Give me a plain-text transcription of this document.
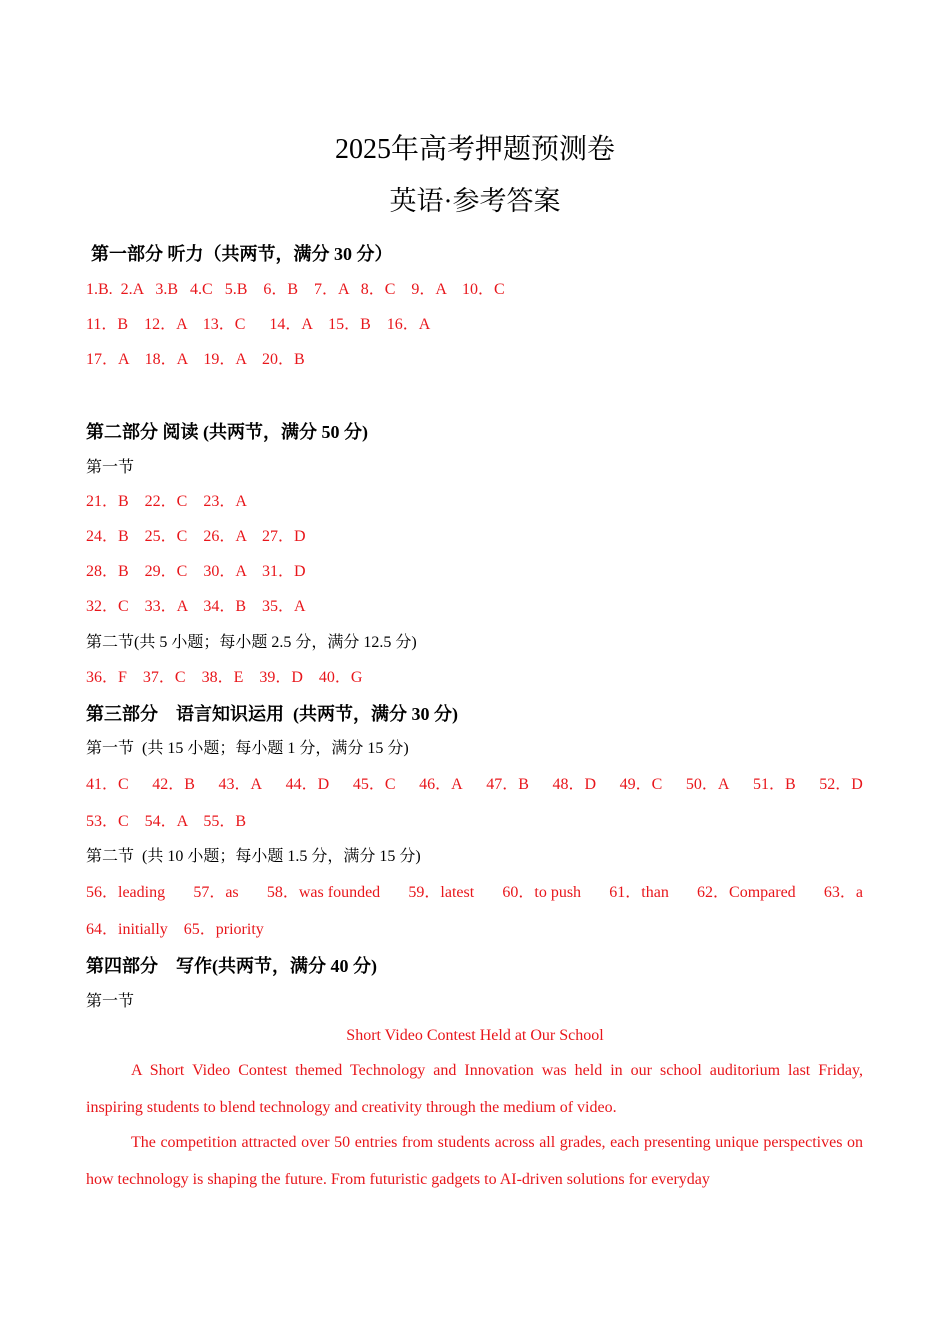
2025年高考押题预测卷
英语·参考答案
第一部分 听力（共两节，满分 30 分）
1.B.  2.A   3.B   4.C   5.B    6．B    7．A   8．C    9．A    10．C
11．B    12．A    13．C      14．A    15．B    16．A
17．A    18．A    19．A    20．B
第二部分 阅读 (共两节，满分 50 分)
第一节
21．B    22．C    23．A
24．B    25．C    26．A    27．D
28．B    29．C    30．A    31．D
32．C    33．A    34．B    35．A
第二节(共 5 小题；每小题 2.5 分，满分 12.5 分)
36．F    37．C    38．E    39．D    40．G
第三部分    语言知识运用  (共两节，满分 30 分)
第一节  (共 15 小题；每小题 1 分，满分 15 分)
41．C 42．B 43．A 44．D 45．C 46．A 47．B 48．D 49．C 50．A 51．B 52．D
53．C    54．A    55．B
第二节  (共 10 小题；每小题 1.5 分，满分 15 分)
56．leading 57．as 58．was founded 59．latest 60．to push 61．than 62．Compared 63．a
64．initially    65．priority
第四部分    写作(共两节，满分 40 分)
第一节
Short Video Contest Held at Our School
A Short Video Contest themed Technology and Innovation was held in our school auditorium last Friday, inspiring students to blend technology and creativity through the medium of video.
The competition attracted over 50 entries from students across all grades, each presenting unique perspectives on how technology is shaping the future. From futuristic gadgets to AI-driven solutions for everyday
